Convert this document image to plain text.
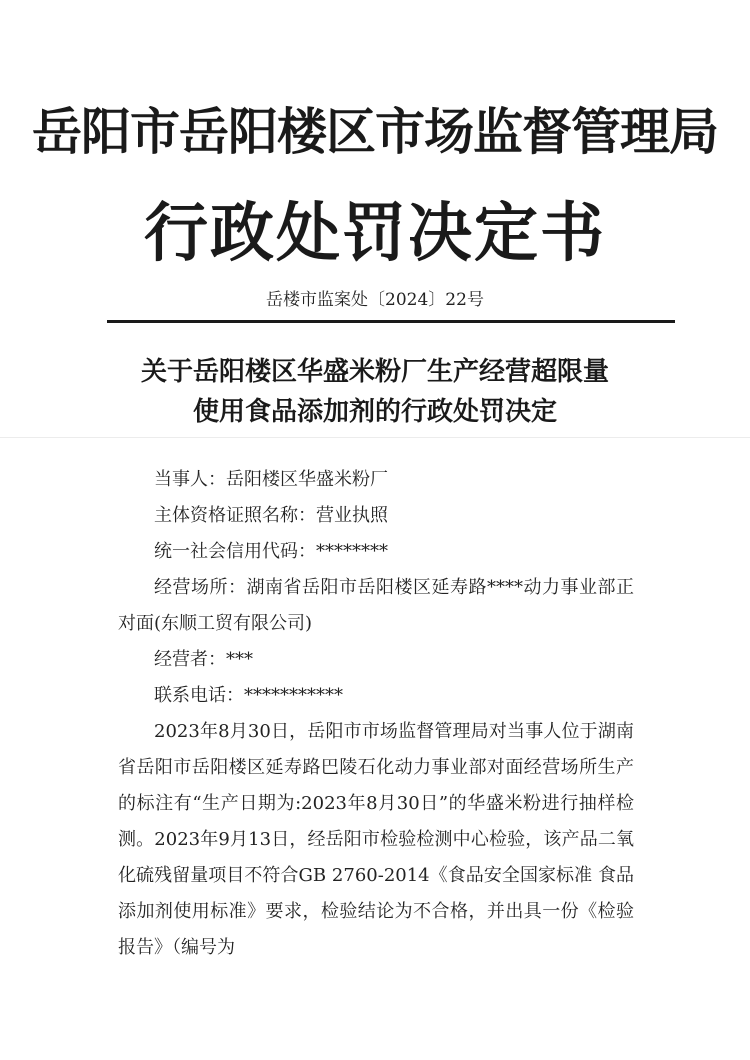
岳阳市岳阳楼区市场监督管理局
行政处罚决定书
岳楼市监案处〔2024〕22号
关于岳阳楼区华盛米粉厂生产经营超限量
使用食品添加剂的行政处罚决定

当事人：岳阳楼区华盛米粉厂

主体资格证照名称：营业执照

统一社会信用代码：********

经营场所：湖南省岳阳市岳阳楼区延寿路****动力事业部正对面(东顺工贸有限公司)

经营者：***

联系电话：***********

2023年8月30日，岳阳市市场监督管理局对当事人位于湖南省岳阳市岳阳楼区延寿路巴陵石化动力事业部对面经营场所生产的标注有“生产日期为:2023年8月30日”的华盛米粉进行抽样检测。2023年9月13日，经岳阳市检验检测中心检验，该产品二氧化硫残留量项目不符合GB 2760-2014《食品安全国家标准 食品添加剂使用标准》要求，检验结论为不合格，并出具一份《检验报告》（编号为
